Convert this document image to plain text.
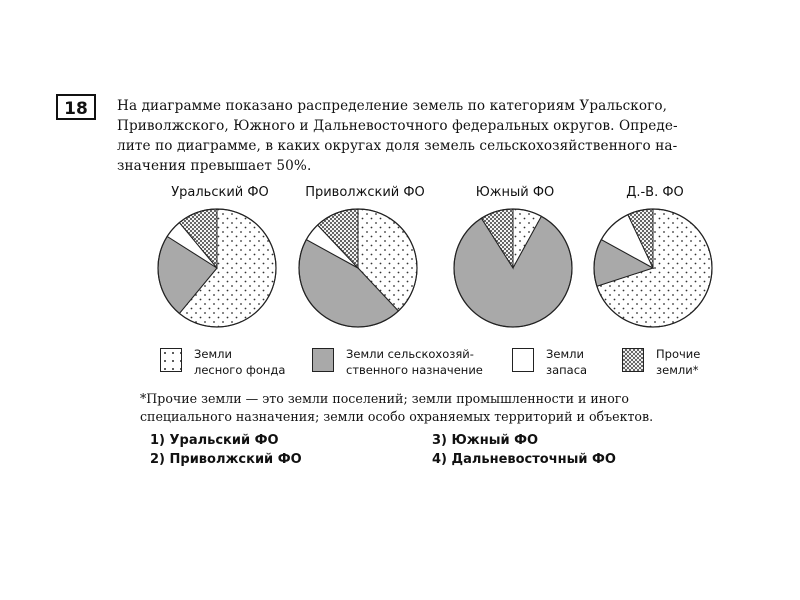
18	На диаграмме показано распределение земель по категориям Уральского,
Приволжского, Южного и Дальневосточного федеральных округов. Опреде-
лите по диаграмме, в каких округах доля земель сельскохозяйственного на-
значения превышает 50%.
Уральский ФО	Приволжский ФО	Южный ФО	Д.-В. ФО
Земли
лесного фонда
Земли сельскохозяй-
ственного назначение
Земли
запаса
Прочие
земли*
*Прочие земли — это земли поселений; земли промышленности и иного
специального назначения; земли особо охраняемых территорий и объектов.
1) Уральский ФО	3) Южный ФО
2) Приволжский ФО	4) Дальневосточный ФО
